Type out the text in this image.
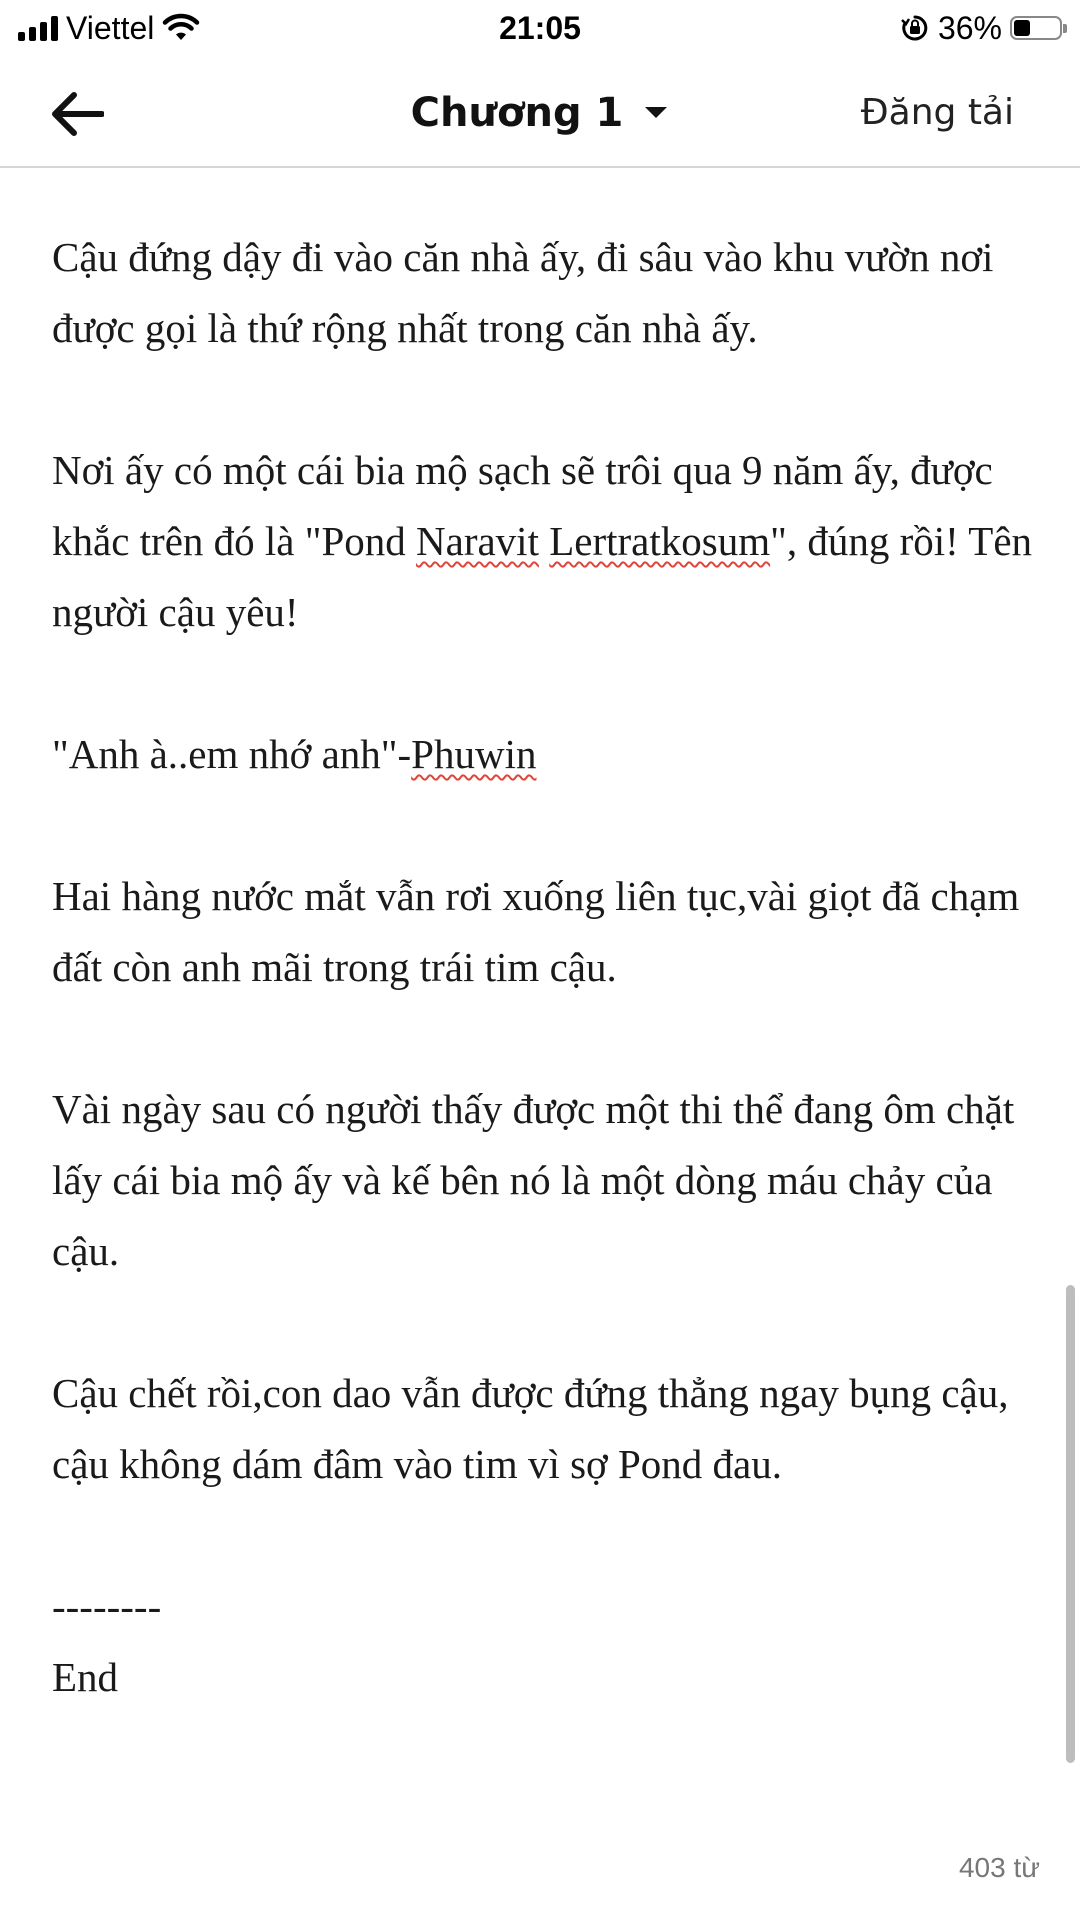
Viettel	21:05	36%
Chương 1	Đăng tải

Cậu đứng dậy đi vào căn nhà ấy, đi sâu vào khu vườn nơi được gọi là thứ rộng nhất trong căn nhà ấy.

Nơi ấy có một cái bia mộ sạch sẽ trôi qua 9 năm ấy, được khắc trên đó là "Pond Naravit Lertratkosum", đúng rồi! Tên người cậu yêu!

"Anh à..em nhớ anh"-Phuwin

Hai hàng nước mắt vẫn rơi xuống liên tục,vài giọt đã chạm đất còn anh mãi trong trái tim cậu.

Vài ngày sau có người thấy được một thi thể đang ôm chặt lấy cái bia mộ ấy và kế bên nó là một dòng máu chảy của cậu.

Cậu chết rồi,con dao vẫn được đứng thẳng ngay bụng cậu, cậu không dám đâm vào tim vì sợ Pond đau.

--------

End

403 từ
